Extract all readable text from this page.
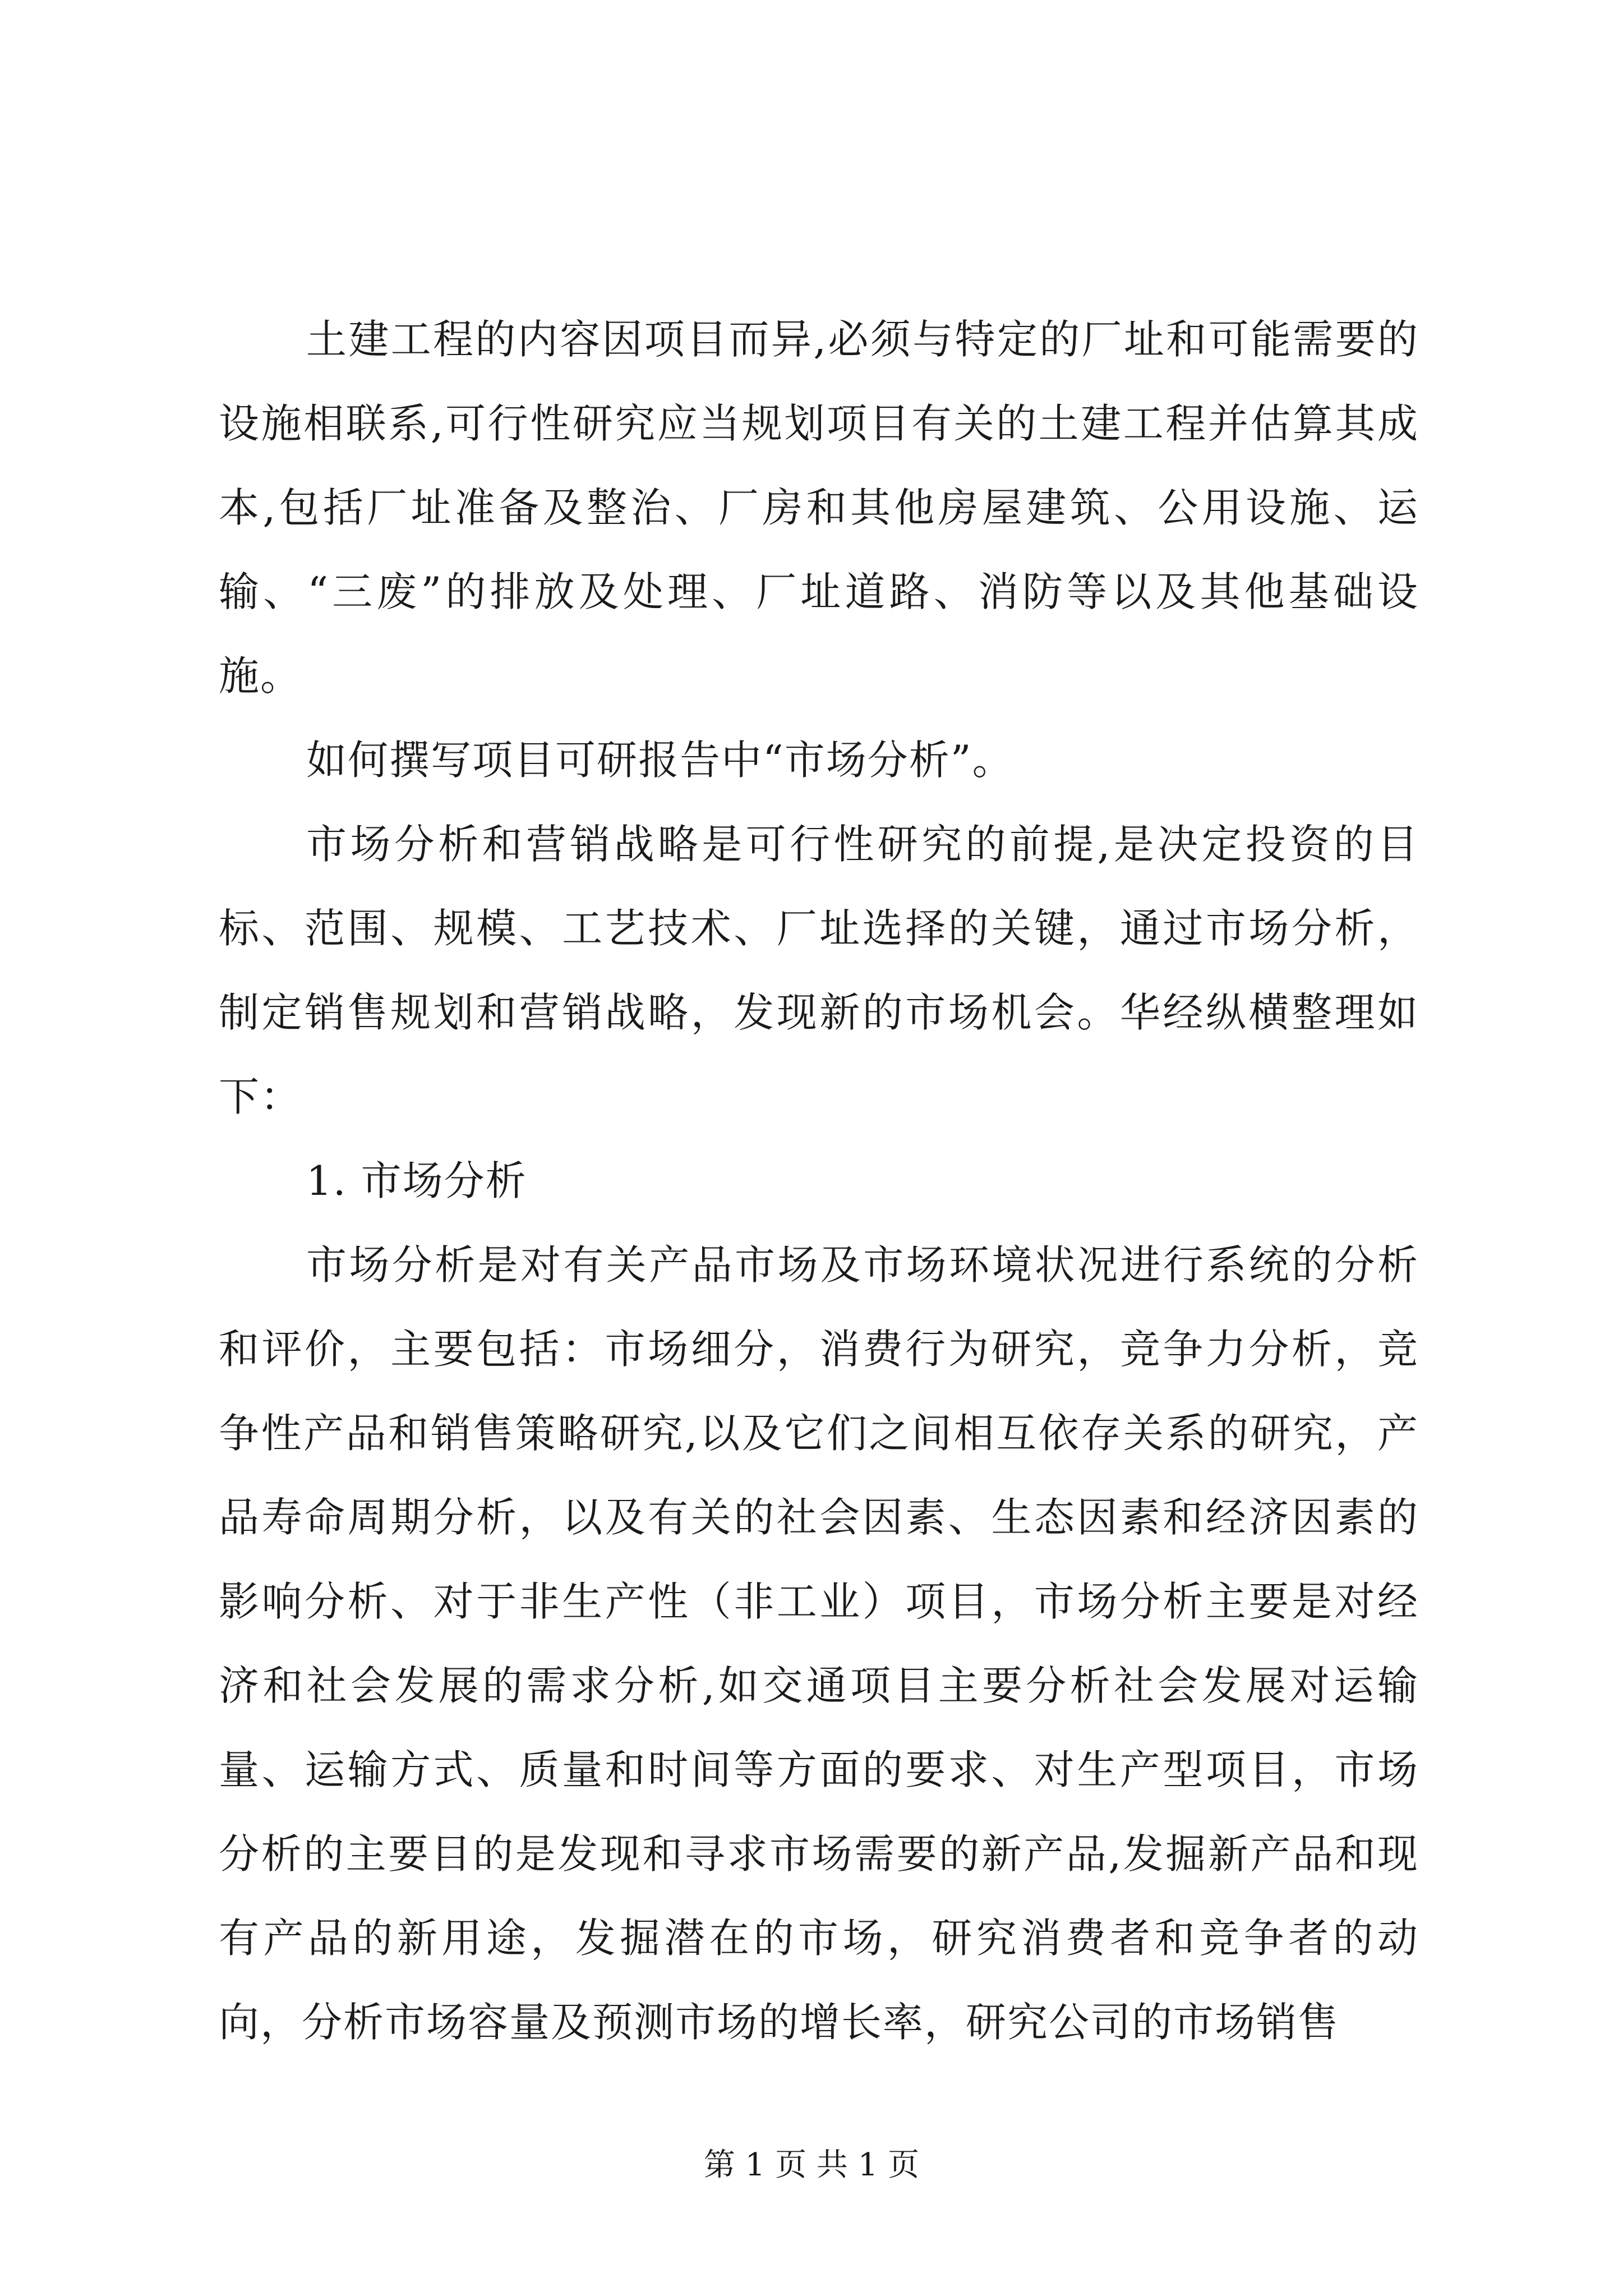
土建工程的内容因项目而异,必须与特定的厂址和可能需要的设施相联系,可行性研究应当规划项目有关的土建工程并估算其成本,包括厂址准备及整治、厂房和其他房屋建筑、公用设施、运输、“三废”的排放及处理、厂址道路、消防等以及其他基础设施。

如何撰写项目可研报告中“市场分析”。

市场分析和营销战略是可行性研究的前提,是决定投资的目标、范围、规模、工艺技术、厂址选择的关键，通过市场分析，制定销售规划和营销战略，发现新的市场机会。华经纵横整理如下：

1. 市场分析

市场分析是对有关产品市场及市场环境状况进行系统的分析和评价，主要包括：市场细分，消费行为研究，竞争力分析，竞争性产品和销售策略研究,以及它们之间相互依存关系的研究，产品寿命周期分析，以及有关的社会因素、生态因素和经济因素的影响分析、对于非生产性（非工业）项目，市场分析主要是对经济和社会发展的需求分析,如交通项目主要分析社会发展对运输量、运输方式、质量和时间等方面的要求、对生产型项目，市场分析的主要目的是发现和寻求市场需要的新产品,发掘新产品和现有产品的新用途，发掘潜在的市场，研究消费者和竞争者的动向，分析市场容量及预测市场的增长率，研究公司的市场销售

第 1 页 共 1 页
